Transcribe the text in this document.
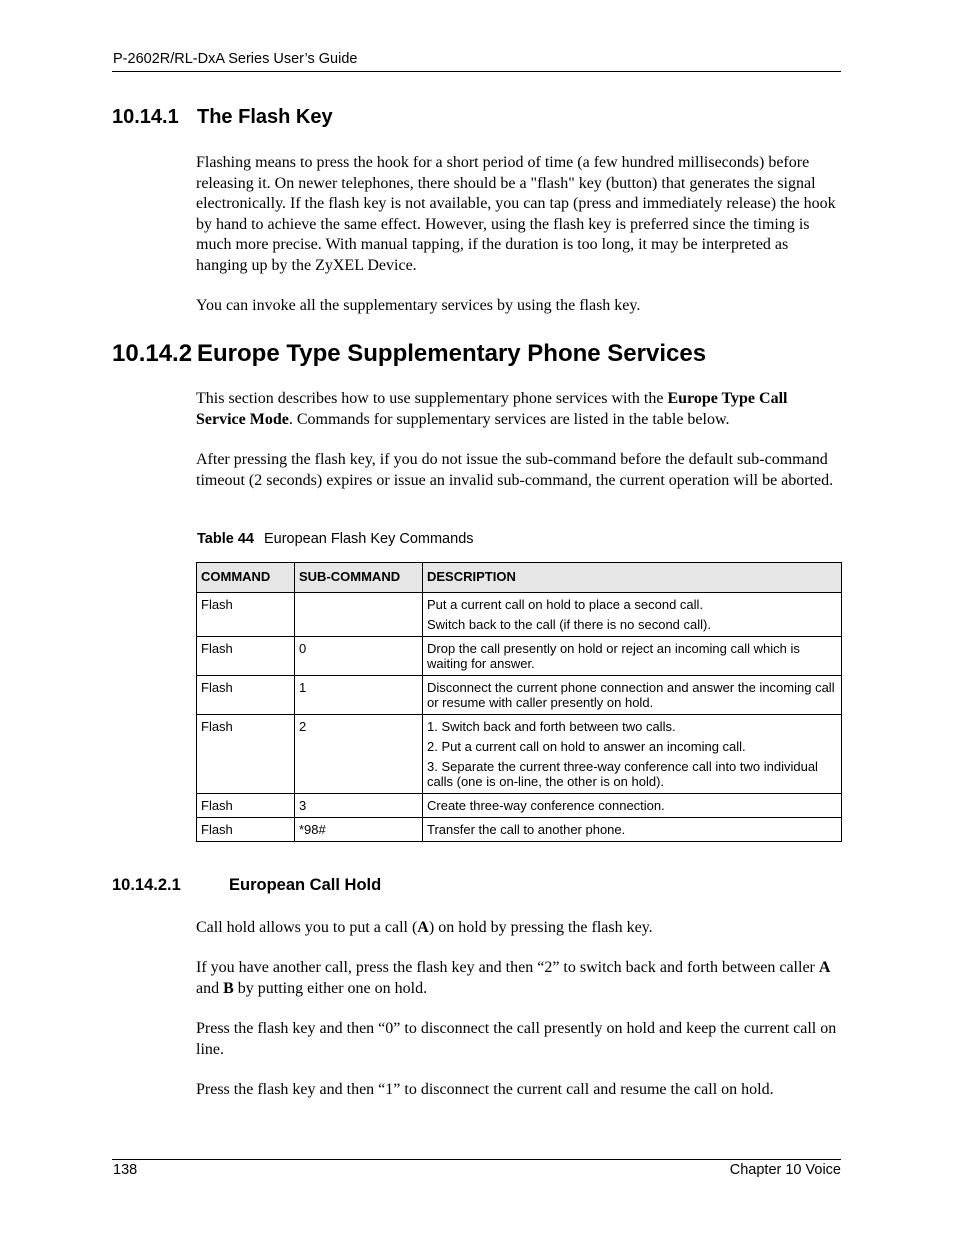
P-2602R/RL-DxA Series User’s Guide
10.14.1 The Flash Key

Flashing means to press the hook for a short period of time (a few hundred milliseconds) before releasing it. On newer telephones, there should be a "flash" key (button) that generates the signal electronically. If the flash key is not available, you can tap (press and immediately release) the hook by hand to achieve the same effect. However, using the flash key is preferred since the timing is much more precise. With manual tapping, if the duration is too long, it may be interpreted as hanging up by the ZyXEL Device.

You can invoke all the supplementary services by using the flash key.

10.14.2 Europe Type Supplementary Phone Services

This section describes how to use supplementary phone services with the Europe Type Call Service Mode. Commands for supplementary services are listed in the table below.

After pressing the flash key, if you do not issue the sub-command before the default sub-command timeout (2 seconds) expires or issue an invalid sub-command, the current operation will be aborted.

Table 44 European Flash Key Commands
COMMAND	SUB-COMMAND	DESCRIPTION
Flash		Put a current call on hold to place a second call.
Switch back to the call (if there is no second call).

Flash	0	Drop the call presently on hold or reject an incoming call which is waiting for answer.

Flash	1	Disconnect the current phone connection and answer the incoming call or resume with caller presently on hold.

Flash	2	1. Switch back and forth between two calls.
2. Put a current call on hold to answer an incoming call.
3. Separate the current three-way conference call into two individual calls (one is on-line, the other is on hold).

Flash	3	Create three-way conference connection.

Flash	*98#	Transfer the call to another phone.
10.14.2.1	European Call Hold

Call hold allows you to put a call (A) on hold by pressing the flash key.

If you have another call, press the flash key and then “2” to switch back and forth between caller A and B by putting either one on hold.

Press the flash key and then “0” to disconnect the call presently on hold and keep the current call on line.

Press the flash key and then “1” to disconnect the current call and resume the call on hold.

138	Chapter 10 Voice
